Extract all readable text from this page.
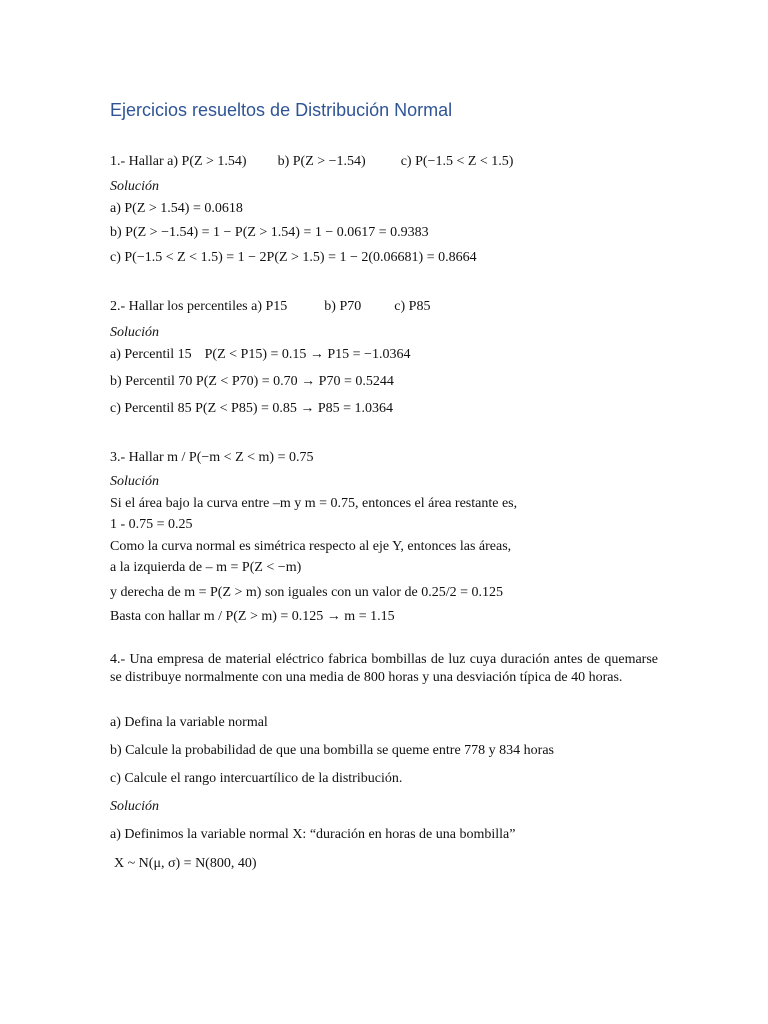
Ejercicios resueltos de Distribución Normal
1.- Hallar a) P(Z > 1.54) b) P(Z > −1.54)	c) P(−1.5 < Z < 1.5)
Solución
a) P(Z > 1.54) = 0.0618
b) P(Z > −1.54) = 1 − P(Z > 1.54) = 1 − 0.0617 = 0.9383
c) P(−1.5 < Z < 1.5) = 1 − 2P(Z > 1.5) = 1 − 2(0.06681) = 0.8664
2.- Hallar los percentiles a) P15	b) P70 c) P85
Solución
a) Percentil 15 P(Z < P15) = 0.15 → P15 = −1.0364
b) Percentil 70 P(Z < P70) = 0.70 → P70 = 0.5244
c) Percentil 85 P(Z < P85) = 0.85 → P85 = 1.0364
3.- Hallar m / P(−m < Z < m) = 0.75
Solución
Si el área bajo la curva entre –m y m = 0.75, entonces el área restante es,
1 - 0.75 = 0.25
Como la curva normal es simétrica respecto al eje Y, entonces las áreas,
a la izquierda de – m = P(Z < −m)
y derecha de m = P(Z > m) son iguales con un valor de 0.25/2 = 0.125
Basta con hallar m / P(Z > m) = 0.125 → m = 1.15
4.- Una empresa de material eléctrico fabrica bombillas de luz cuya duración antes de quemarse se distribuye normalmente con una media de 800 horas y una desviación típica de 40 horas.
a) Defina la variable normal
b) Calcule la probabilidad de que una bombilla se queme entre 778 y 834 horas
c) Calcule el rango intercuartílico de la distribución.
Solución
a) Definimos la variable normal X: “duración en horas de una bombilla”
X ~ N(μ, σ) = N(800, 40)
